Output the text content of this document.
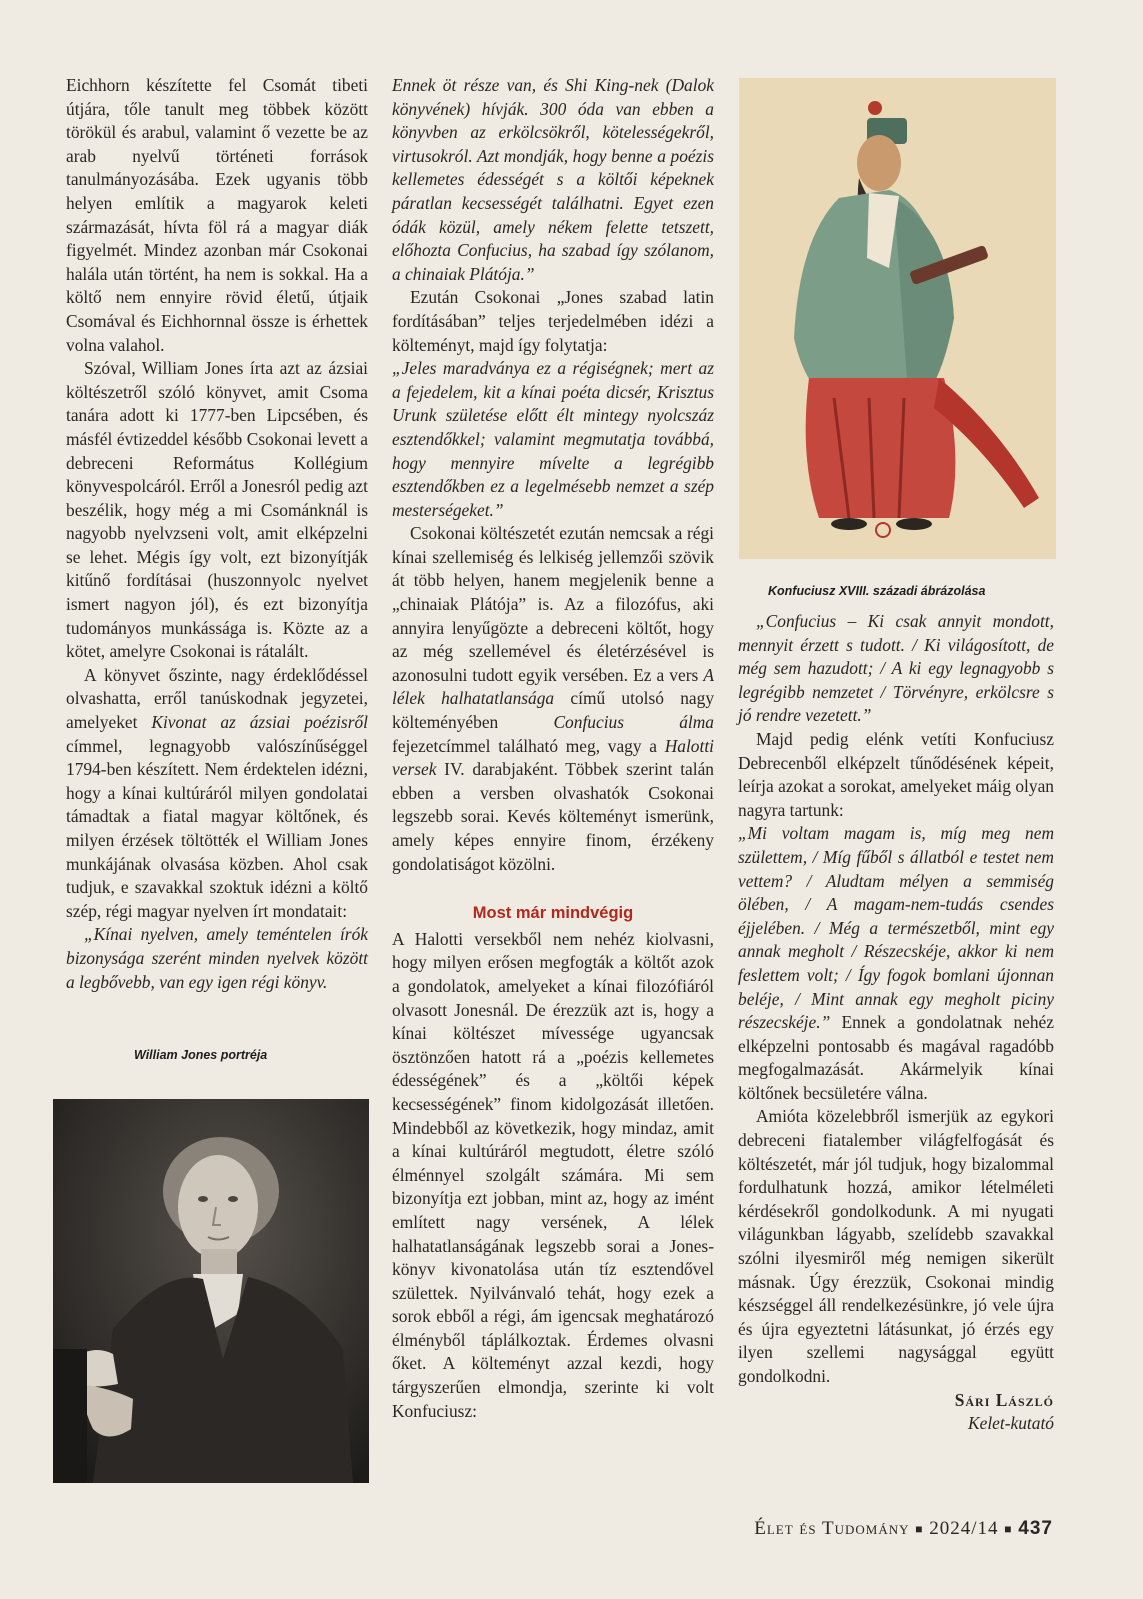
Eichhorn készítette fel Csomát tibeti útjára, tőle tanult meg többek között törökül és arabul, valamint ő vezette be az arab nyelvű történeti források tanulmányozásába. Ezek ugyanis több helyen említik a magyarok keleti származását, hívta föl rá a magyar diák figyelmét. Mindez azonban már Csokonai halála után történt, ha nem is sokkal. Ha a költő nem ennyire rövid életű, útjaik Csomával és Eichhornnal össze is érhettek volna valahol.

Szóval, William Jones írta azt az ázsiai költészetről szóló könyvet, amit Csoma tanára adott ki 1777-ben Lipcsében, és másfél évtizeddel később Csokonai levett a debreceni Református Kollégium könyvespolcáról. Erről a Jonesról pedig azt beszélik, hogy még a mi Csománknál is nagyobb nyelvzseni volt, amit elképzelni se lehet. Mégis így volt, ezt bizonyítják kitűnő fordításai (huszonnyolc nyelvet ismert nagyon jól), és ezt bizonyítja tudományos munkássága is. Közte az a kötet, amelyre Csokonai is rátalált.

A könyvet őszinte, nagy érdeklődéssel olvashatta, erről tanúskodnak jegyzetei, amelyeket Kivonat az ázsiai poézisről címmel, legnagyobb valószínűséggel 1794-ben készített. Nem érdektelen idézni, hogy a kínai kultúráról milyen gondolatai támadtak a fiatal magyar költőnek, és milyen érzések töltötték el William Jones munkájának olvasása közben. Ahol csak tudjuk, e szavakkal szoktuk idézni a költő szép, régi magyar nyelven írt mondatait:

„Kínai nyelven, amely teméntelen írók bizonysága szerént minden nyelvek között a legbővebb, van egy igen régi könyv.

William Jones portréja

Ennek öt része van, és Shi King-nek (Dalok könyvének) hívják. 300 óda van ebben a könyvben az erkölcsökről, kötelességekről, virtusokról. Azt mondják, hogy benne a poézis kellemetes édességét s a költői képeknek páratlan kecsességét találhatni. Egyet ezen ódák közül, amely nékem felette tetszett, előhozta Confucius, ha szabad így szólanom, a chinaiak Plátója.”

Ezután Csokonai „Jones szabad latin fordításában” teljes terjedelmében idézi a költeményt, majd így folytatja:

„Jeles maradványa ez a régiségnek; mert az a fejedelem, kit a kínai poéta dicsér, Krisztus Urunk születése előtt élt mintegy nyolcszáz esztendőkkel; valamint megmutatja továbbá, hogy mennyire mívelte a legrégibb esztendőkben ez a legelmésebb nemzet a szép mesterségeket.”

Csokonai költészetét ezután nemcsak a régi kínai szellemiség és lelkiség jellemzői szövik át több helyen, hanem megjelenik benne a „chinaiak Plátója” is. Az a filozófus, aki annyira lenyűgözte a debreceni költőt, hogy az még szellemével és életérzésével is azonosulni tudott egyik versében. Ez a vers A lélek halhatatlansága című utolsó nagy költeményében Confucius álma fejezetcímmel található meg, vagy a Halotti versek IV. darabjaként. Többek szerint talán ebben a versben olvashatók Csokonai legszebb sorai. Kevés költeményt ismerünk, amely képes ennyire finom, érzékeny gondolatiságot közölni.

Most már mindvégig

A Halotti versekből nem nehéz kiolvasni, hogy milyen erősen megfogták a költőt azok a gondolatok, amelyeket a kínai filozófiáról olvasott Jonesnál. De érezzük azt is, hogy a kínai költészet mívessége ugyancsak ösztönzően hatott rá a „poézis kellemetes édességének” és a „költői képek kecsességének” finom kidolgozását illetően. Mindebből az következik, hogy mindaz, amit a kínai kultúráról megtudott, életre szóló élménnyel szolgált számára. Mi sem bizonyítja ezt jobban, mint az, hogy az imént említett nagy versének, A lélek halhatatlanságának legszebb sorai a Jones-könyv kivonatolása után tíz esztendővel születtek. Nyilvánvaló tehát, hogy ezek a sorok ebből a régi, ám igencsak meghatározó élményből táplálkoztak. Érdemes olvasni őket. A költeményt azzal kezdi, hogy tárgyszerűen elmondja, szerinte ki volt Konfuciusz:

Konfuciusz XVIII. századi ábrázolása

„Confucius – Ki csak annyit mondott, mennyit érzett s tudott. / Ki világosított, de még sem hazudott; / A ki egy legnagyobb s legrégibb nemzetet / Törvényre, erkölcsre s jó rendre vezetett.”

Majd pedig elénk vetíti Konfuciusz Debrecenből elképzelt tűnődésének képeit, leírja azokat a sorokat, amelyeket máig olyan nagyra tartunk:

„Mi voltam magam is, míg meg nem születtem, / Míg fűből s állatból e testet nem vettem? / Aludtam mélyen a semmiség ölében, / A magam-nem-tudás csendes éjjelében. / Még a természetből, mint egy annak megholt / Részecskéje, akkor ki nem feslettem volt; / Így fogok bomlani újonnan beléje, / Mint annak egy megholt piciny részecskéje.” Ennek a gondolatnak nehéz elképzelni pontosabb és magával ragadóbb megfogalmazását. Akármelyik kínai költőnek becsületére válna.

Amióta közelebbről ismerjük az egykori debreceni fiatalember világfelfogását és költészetét, már jól tudjuk, hogy bizalommal fordulhatunk hozzá, amikor lételméleti kérdésekről gondolkodunk. A mi nyugati világunkban lágyabb, szelídebb szavakkal szólni ilyesmiről még nemigen sikerült másnak. Úgy érezzük, Csokonai mindig készséggel áll rendelkezésünkre, jó vele újra és újra egyeztetni látásunkat, jó érzés egy ilyen szellemi nagysággal együtt gondolkodni.

Sári László
Kelet-kutató
Élet és Tudomány ■ 2024/14 ■ 437
